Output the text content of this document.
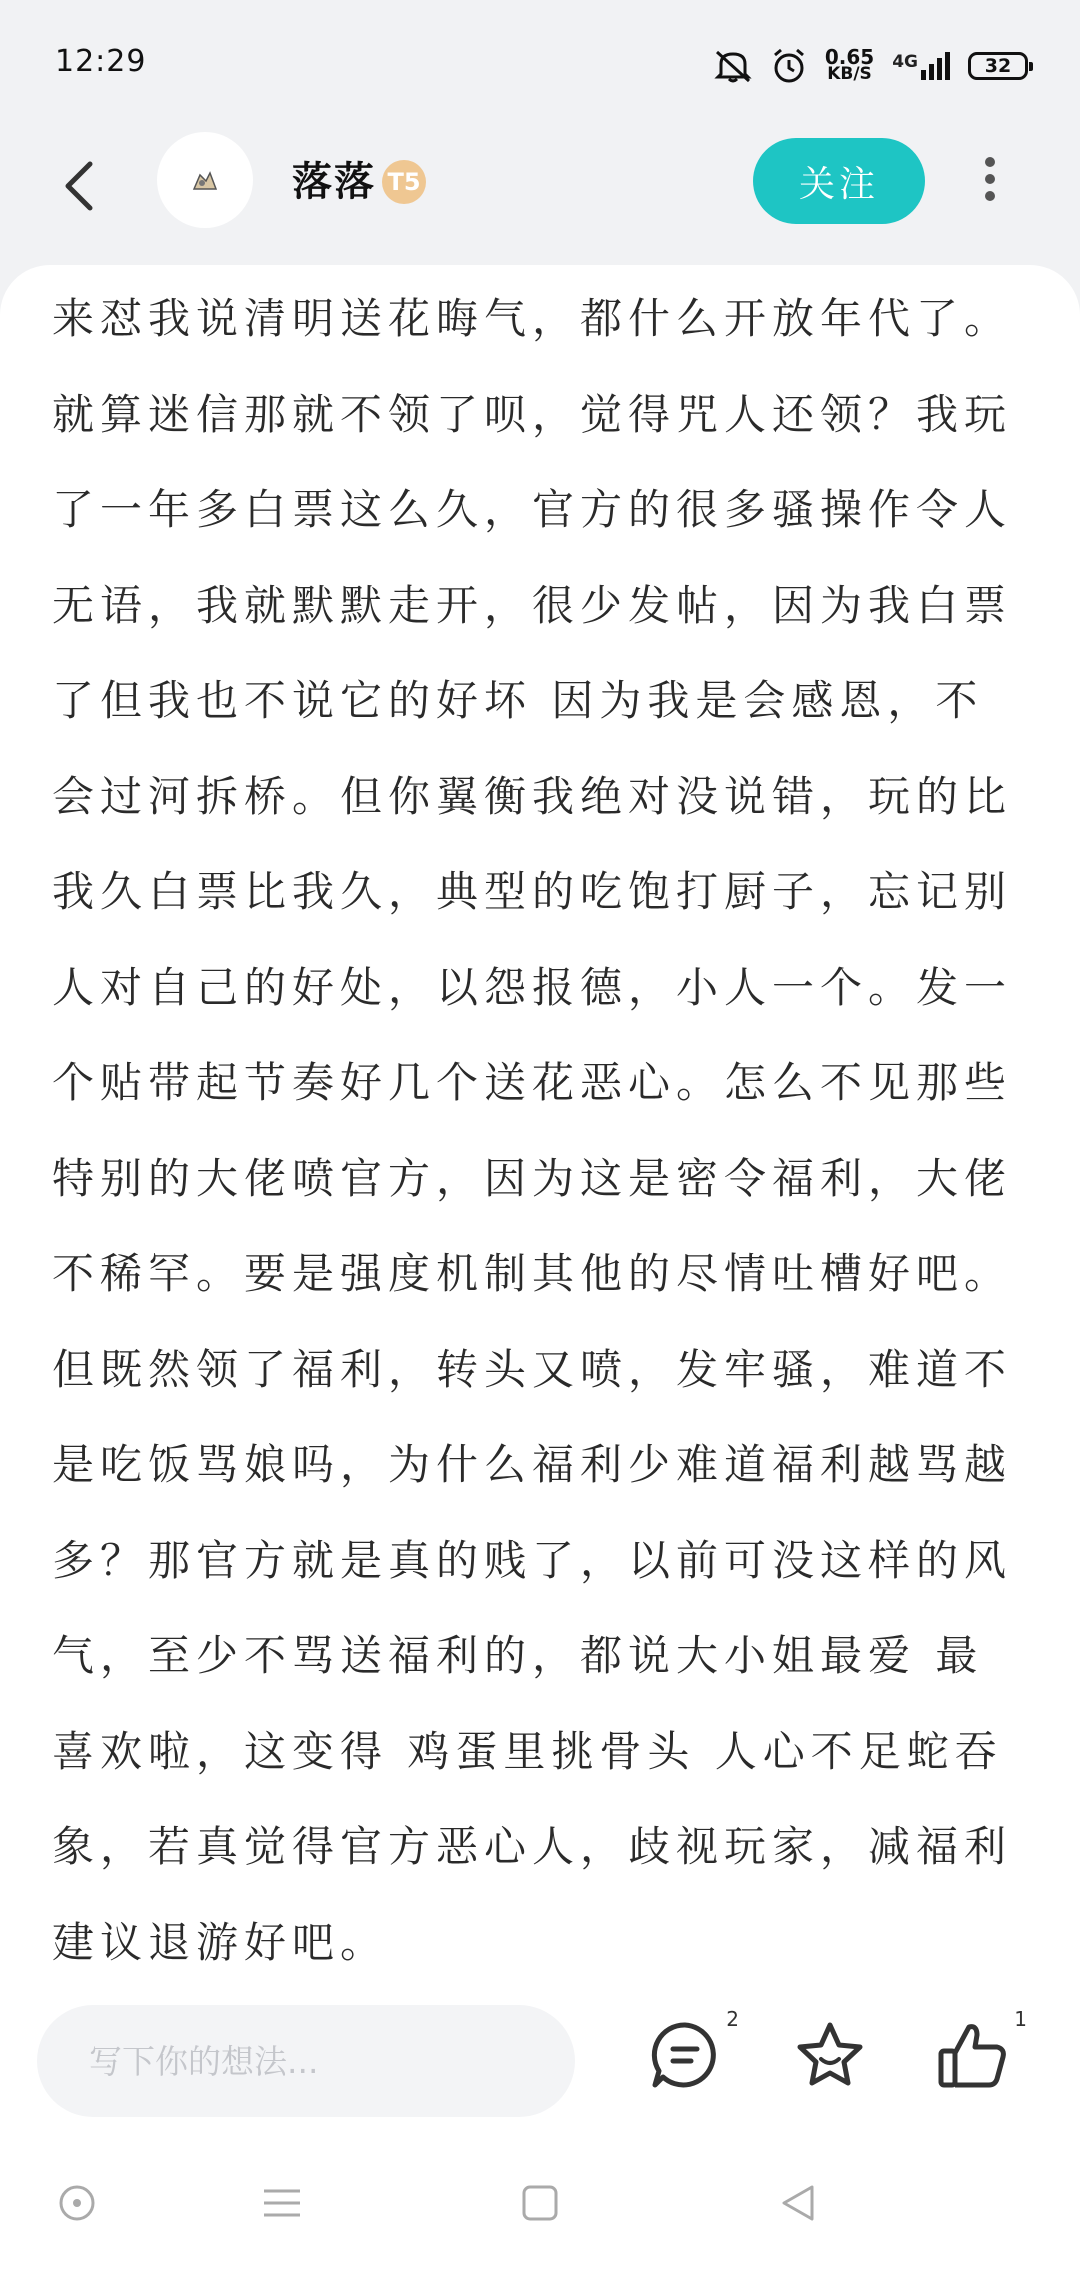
12:29	0.65
KB/S
4G	32
落落 T5	关注

来怼我说清明送花晦气，都什么开放年代了。就算迷信那就不领了呗，觉得咒人还领？我玩了一年多白票这么久，官方的很多骚操作令人无语，我就默默走开，很少发帖，因为我白票了但我也不说它的好坏 因为我是会感恩，不会过河拆桥。但你翼衡我绝对没说错，玩的比我久白票比我久，典型的吃饱打厨子，忘记别人对自己的好处，以怨报德，小人一个。发一个贴带起节奏好几个送花恶心。怎么不见那些特别的大佬喷官方，因为这是密令福利，大佬不稀罕。要是强度机制其他的尽情吐槽好吧。但既然领了福利，转头又喷，发牢骚，难道不是吃饭骂娘吗，为什么福利少难道福利越骂越多？那官方就是真的贱了，以前可没这样的风气，至少不骂送福利的，都说大小姐最爱 最喜欢啦，这变得 鸡蛋里挑骨头 人心不足蛇吞象，若真觉得官方恶心人，歧视玩家，减福利 建议退游好吧。

写下你的想法...
2	1
